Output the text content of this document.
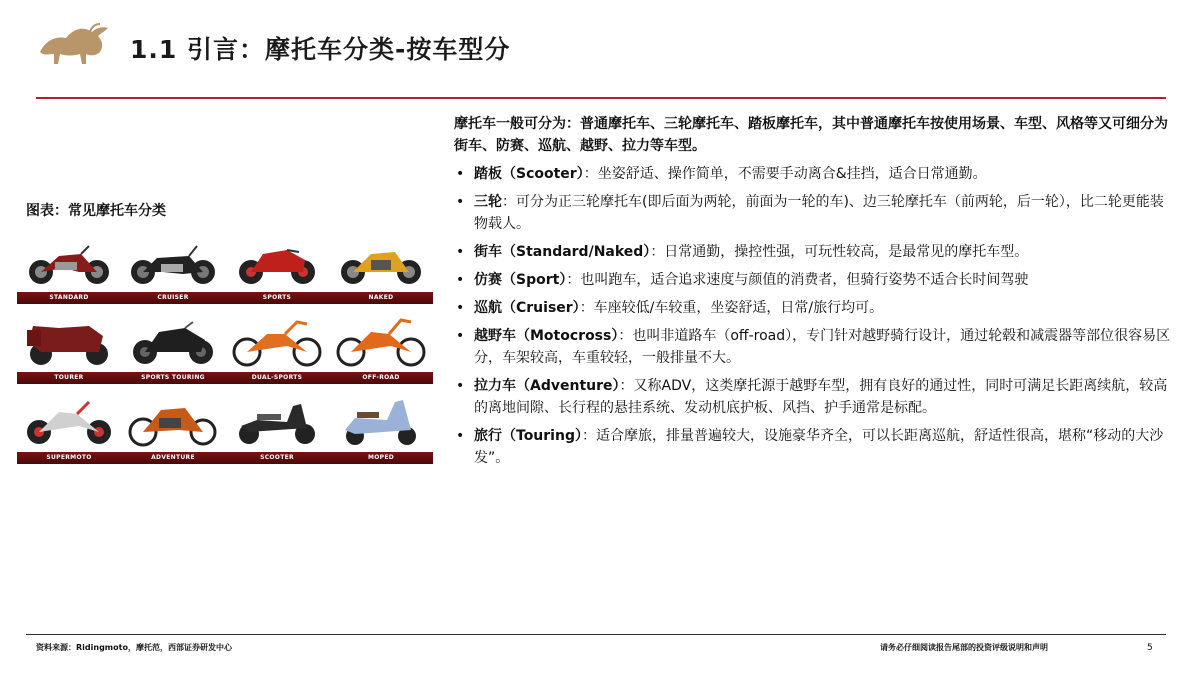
1.1 引言：摩托车分类-按车型分
图表：常见摩托车分类
STANDARD	CRUISER	SPORTS	NAKED
TOURER	SPORTS TOURING	DUAL-SPORTS	OFF-ROAD
SUPERMOTO	ADVENTURE	SCOOTER	MOPED
摩托车一般可分为：普通摩托车、三轮摩托车、踏板摩托车，其中普通摩托车按使用场景、车型、风格等又可细分为街车、防赛、巡航、越野、拉力等车型。
• 踏板（Scooter）：坐姿舒适、操作简单，不需要手动离合&挂挡，适合日常通勤。
• 三轮：可分为正三轮摩托车(即后面为两轮，前面为一轮的车)、边三轮摩托车（前两轮，后一轮），比二轮更能装物载人。
• 街车（Standard/Naked）：日常通勤，操控性强，可玩性较高，是最常见的摩托车型。
• 仿赛（Sport）：也叫跑车，适合追求速度与颜值的消费者，但骑行姿势不适合长时间驾驶
• 巡航（Cruiser）：车座较低/车较重，坐姿舒适，日常/旅行均可。
• 越野车（Motocross）：也叫非道路车（off-road），专门针对越野骑行设计，通过轮毂和减震器等部位很容易区分，车架较高，车重较轻，一般排量不大。
• 拉力车（Adventure）：又称ADV，这类摩托源于越野车型，拥有良好的通过性，同时可满足长距离续航，较高的离地间隙、长行程的悬挂系统、发动机底护板、风挡、护手通常是标配。
• 旅行（Touring）：适合摩旅，排量普遍较大，设施豪华齐全，可以长距离巡航，舒适性很高，堪称“移动的大沙发”。
资料来源：Ridingmoto，摩托范，西部证券研发中心	请务必仔细阅读报告尾部的投资评级说明和声明	5
